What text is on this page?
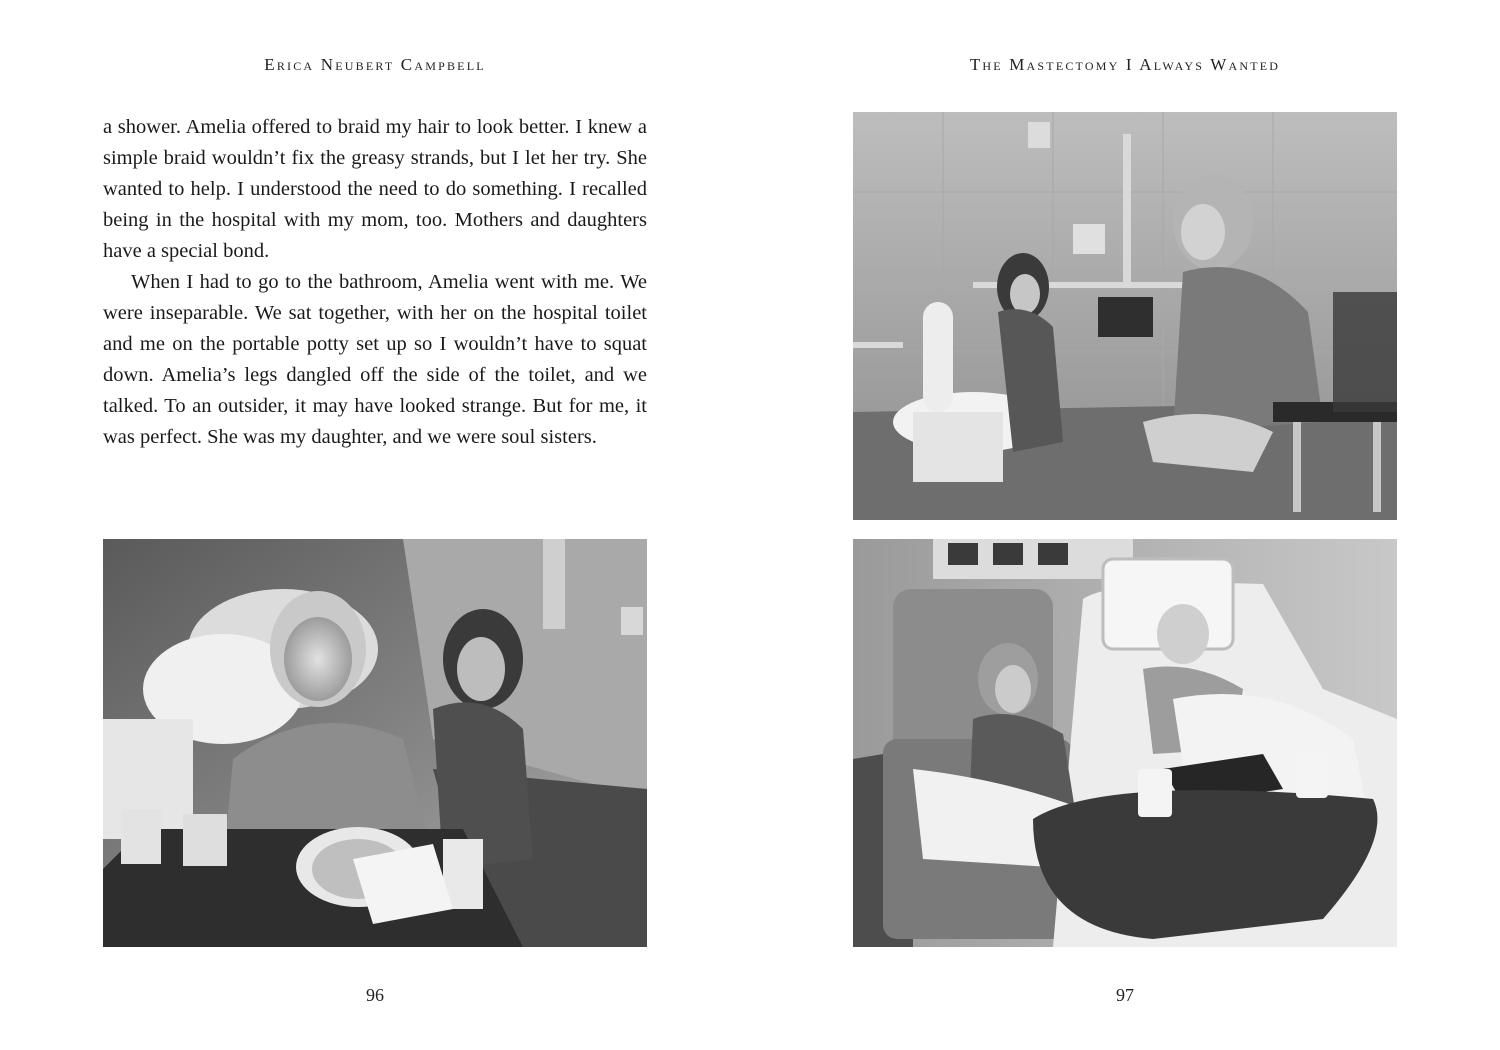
Erica Neubert Campbell

a shower. Amelia offered to braid my hair to look better. I knew a simple braid wouldn’t fix the greasy strands, but I let her try. She wanted to help. I understood the need to do something. I recalled being in the hospital with my mom, too. Mothers and daughters have a special bond.

When I had to go to the bathroom, Amelia went with me. We were inseparable. We sat together, with her on the hospital toilet and me on the portable potty set up so I wouldn’t have to squat down. Amelia’s legs dangled off the side of the toilet, and we talked. To an outsider, it may have looked strange. But for me, it was perfect. She was my daughter, and we were soul sisters.

96
The Mastectomy I Always Wanted
97
